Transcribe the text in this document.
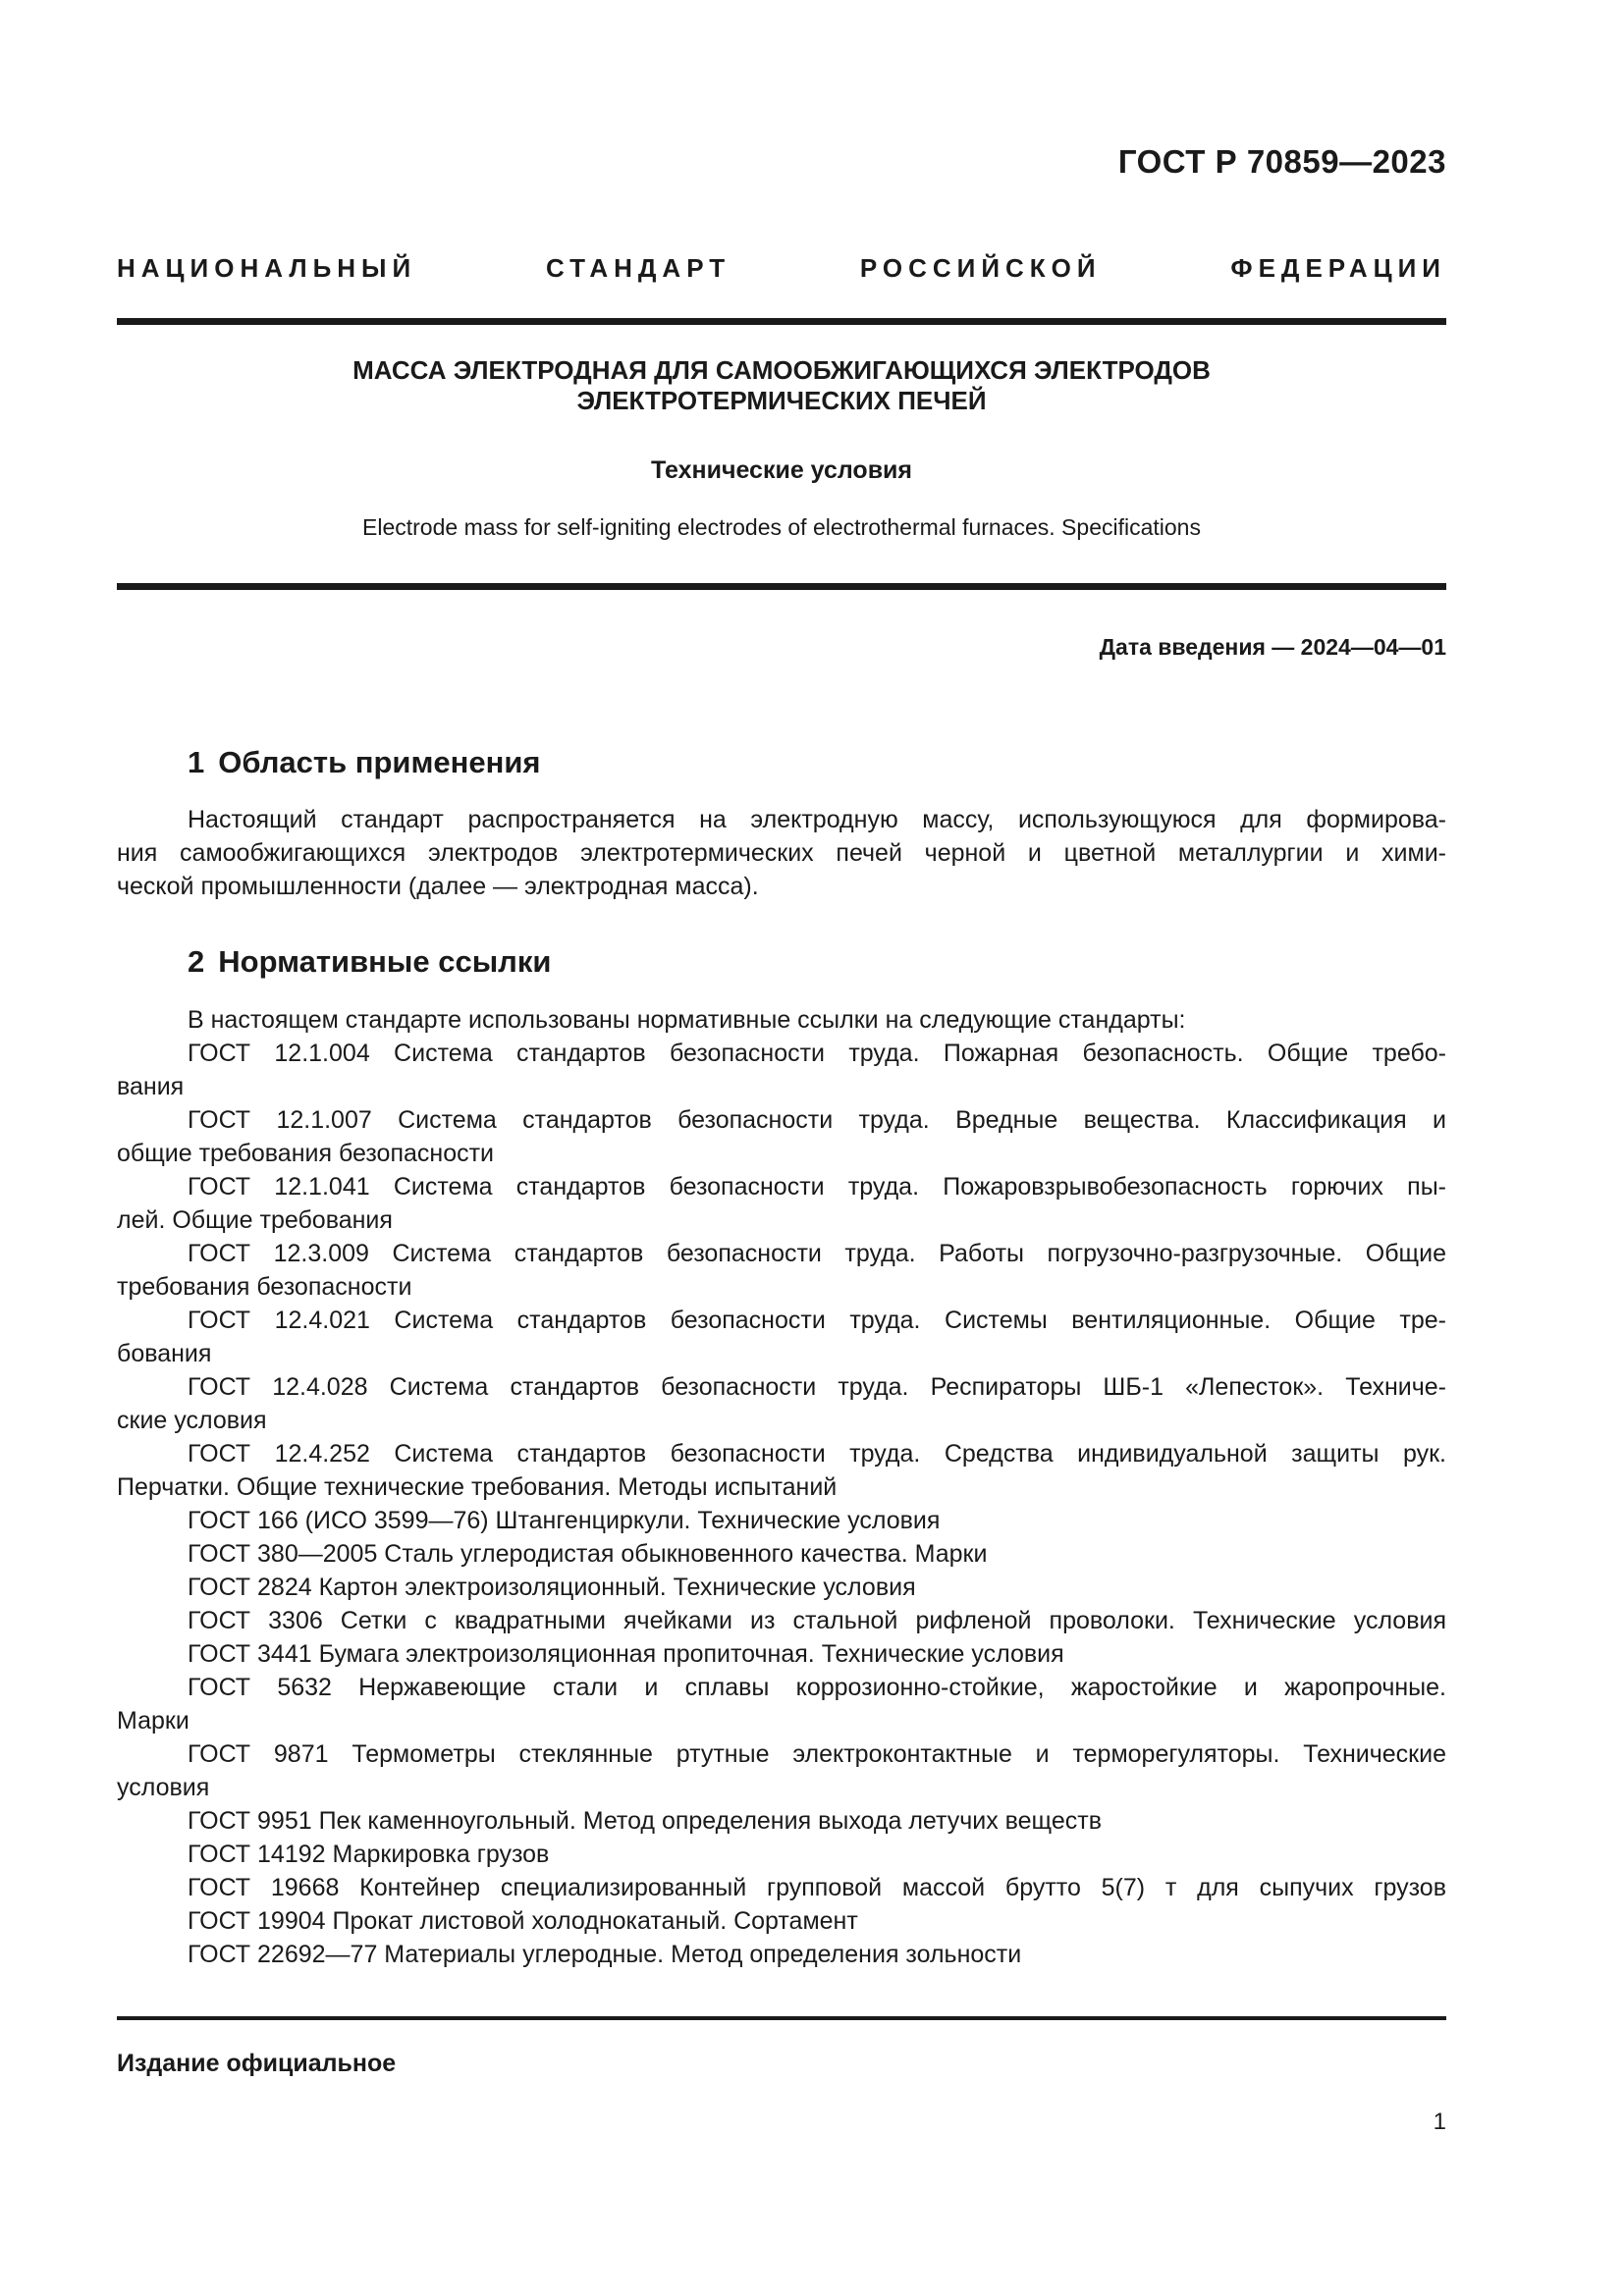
ГОСТ Р 70859—2023
НАЦИОНАЛЬНЫЙ СТАНДАРТ РОССИЙСКОЙ ФЕДЕРАЦИИ
МАССА ЭЛЕКТРОДНАЯ ДЛЯ САМООБЖИГАЮЩИХСЯ ЭЛЕКТРОДОВ
ЭЛЕКТРОТЕРМИЧЕСКИХ ПЕЧЕЙ
Технические условия
Electrode mass for self-igniting electrodes of electrothermal furnaces. Specifications
Дата введения — 2024—04—01
1 Область применения
Настоящий стандарт распространяется на электродную массу, использующуюся для формирова-
ния самообжигающихся электродов электротермических печей черной и цветной металлургии и хими-
ческой промышленности (далее — электродная масса).
2 Нормативные ссылки
В настоящем стандарте использованы нормативные ссылки на следующие стандарты:
ГОСТ 12.1.004 Система стандартов безопасности труда. Пожарная безопасность. Общие требо-
вания
ГОСТ 12.1.007 Система стандартов безопасности труда. Вредные вещества. Классификация и
общие требования безопасности
ГОСТ 12.1.041 Система стандартов безопасности труда. Пожаровзрывобезопасность горючих пы-
лей. Общие требования
ГОСТ 12.3.009 Система стандартов безопасности труда. Работы погрузочно-разгрузочные. Общие
требования безопасности
ГОСТ 12.4.021 Система стандартов безопасности труда. Системы вентиляционные. Общие тре-
бования
ГОСТ 12.4.028 Система стандартов безопасности труда. Респираторы ШБ-1 «Лепесток». Техниче-
ские условия
ГОСТ 12.4.252 Система стандартов безопасности труда. Средства индивидуальной защиты рук.
Перчатки. Общие технические требования. Методы испытаний
ГОСТ 166 (ИСО 3599—76) Штангенциркули. Технические условия
ГОСТ 380—2005 Сталь углеродистая обыкновенного качества. Марки
ГОСТ 2824 Картон электроизоляционный. Технические условия
ГОСТ 3306 Сетки с квадратными ячейками из стальной рифленой проволоки. Технические условия
ГОСТ 3441 Бумага электроизоляционная пропиточная. Технические условия
ГОСТ 5632 Нержавеющие стали и сплавы коррозионно-стойкие, жаростойкие и жаропрочные.
Марки
ГОСТ 9871 Термометры стеклянные ртутные электроконтактные и терморегуляторы. Технические
условия
ГОСТ 9951 Пек каменноугольный. Метод определения выхода летучих веществ
ГОСТ 14192 Маркировка грузов
ГОСТ 19668 Контейнер специализированный групповой массой брутто 5(7) т для сыпучих грузов
ГОСТ 19904 Прокат листовой холоднокатаный. Сортамент
ГОСТ 22692—77 Материалы углеродные. Метод определения зольности
Издание официальное
1
